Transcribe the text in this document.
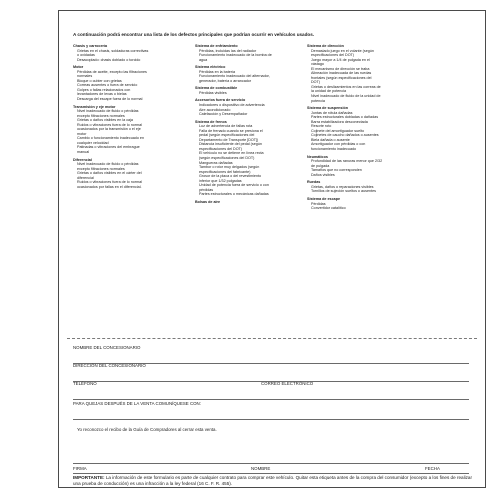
A continuación podrá encontrar una lista de los defectos principales que podrían ocurrir en vehículos usados.
Chasis y carrocería
Grietas en el chasis, soldaduras correctivas
o oxidadas
Desacoplado: chasis doblado o torcido
Motor
Pérdidas de aceite, excepto las filtraciones
normales
Bloque o cubier con grietas
Correas ausentes o fuera de servicio
Golpes o fallas relacionados con
levantadores de levas o bielas
Descarga del escape fuera de lo normal
Transmisión y eje motor
Nivel inadecuado de fluido o pérdidas
excepto filtraciones normales
Grietas o daños visibles en la caja
Ruidos o vibraciones fuera de lo normal
ocasionados por la transmisión o el eje
motor
Cambio o funcionamiento inadecuado en
cualquier velocidad
Patinadas o vibraciones del embrague
manual
Diferencial
Nivel inadecuado de fluido o pérdidas
excepto filtraciones normales
Grietas o daños visibles en el cárter del
diferencial
Ruidos o vibraciones fuera de lo normal
ocasionados por fallas en el diferencial.
Sistema de enfriamiento
Pérdidas, incluidas las del radiador
Funcionamiento inadecuado de la bomba de
agua
Sistema eléctrico
Pérdidas en la batería
Funcionamiento inadecuado del alternador,
generador, batería o arrancador
Sistema de combustible
Pérdidas visibles
Accesorios fuera de servicio
Indicadores o dispositivo de advertencia
Aire acondicionado
Calefacción y Desempañador
Sistema de frenos
Luz de advertencia de fallas rota
Falla de frenado cuando se presiona el
pedal (según especificaciones del
Departamento de Transporte [DOT])
Distancia insuficiente del pedal (según
especificaciones del DOT)
El vehículo no se detiene en línea recta
(según especificaciones del DOT)
Mangueras dañadas
Tambor o rotor muy delgados (según
especificaciones del fabricante)
Grosor de la placa o del revestimiento
inferior que 1/32 pulgadas
Unidad de potencia fuera de servicio o con
pérdidas
Partes estructurales o mecánicas dañadas
Bolsas de aire
Sistema de dirección
Demasiado juego en el volante (según
especificaciones del DOT)
Juego mayor a 1/4 de pulgada en el
vástago
El mecanismo de dirección se traba
Alineación inadecuada de las ruedas
frontales (según especificaciones del
DOT)
Grietas o deslizamientos en las correas de
la unidad de potencia
Nivel inadecuado de fluido de la unidad de
potencia
Sistema de suspensión
Juntas de rótula dañadas
Partes estructurales dobladas o dañadas
Barra estabilizadora desconectada
Resorte roto
Cojinete del amortiguador suelto
Cojinetes de caucho dañados o ausentes
Biela dañada o ausente
Amortiguador con pérdidas o con
funcionamiento inadecuado
Neumáticos
Profundidad de las ranuras menor que 2/32
de pulgada
Tamaños que no corresponden
Daños visibles
Ruedas
Grietas, daños o reparaciones visibles
Tornillos de sujeción sueltos o ausentes
Sistema de escape
Pérdidas
Convertidor catalítico
NOMBRE DEL CONCESIONARIO
DIRECCIÓN DEL CONCESIONARIO
TELÉFONO	CORREO ELECTRÓNICO
PARA QUEJAS DESPUÉS DE LA VENTA COMUNÍQUESE CON:
Yo reconozco el recibo de la Guía de Compradores al cerrar esta venta.
FIRMA	NOMBRE	FECHA
IMPORTANTE: La información de este formulario es parte de cualquier contrato para comprar este vehículo. Quitar esta etiqueta antes de la compra del consumidor (excepto a los fines de realizar una prueba de conducción) es una infracción a la ley federal (16 C. F. R. 455).
